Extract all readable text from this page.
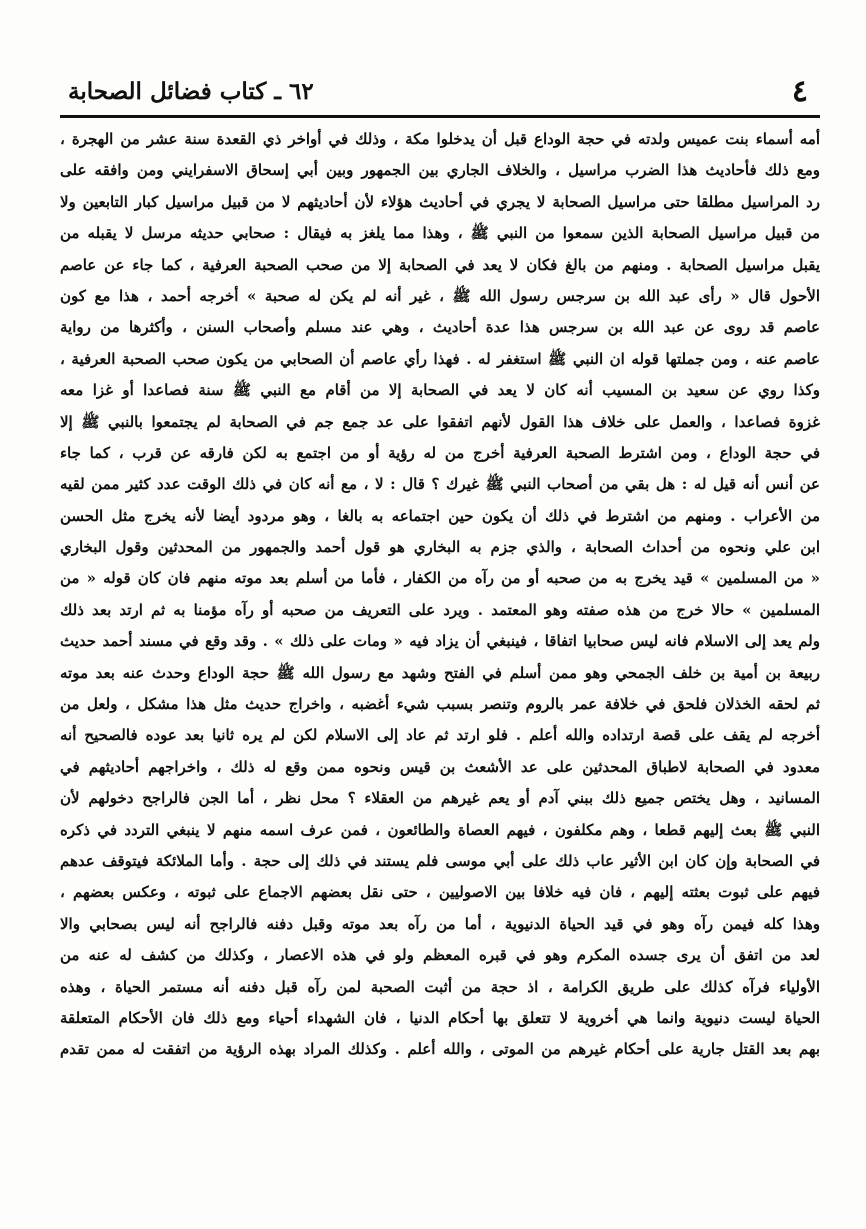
٤
٦٢ ـ كتاب فضائل الصحابة
أمه أسماء بنت عميس ولدته في حجة الوداع قبل أن يدخلوا مكة ، وذلك في أواخر ذي القعدة سنة عشر من الهجرة ،
ومع ذلك فأحاديث هذا الضرب مراسيل ، والخلاف الجاري بين الجمهور وبين أبي إسحاق الاسفرايني ومن وافقه على
رد المراسيل مطلقا حتى مراسيل الصحابة لا يجري في أحاديث هؤلاء لأن أحاديثهم لا من قبيل مراسيل كبار التابعين ولا
من قبيل مراسيل الصحابة الذين سمعوا من النبي ﷺ ، وهذا مما يلغز به فيقال : صحابي حديثه مرسل لا يقبله من
يقبل مراسيل الصحابة . ومنهم من بالغ فكان لا يعد في الصحابة إلا من صحب الصحبة العرفية ، كما جاء عن عاصم
الأحول قال « رأى عبد الله بن سرجس رسول الله ﷺ ، غير أنه لم يكن له صحبة » أخرجه أحمد ، هذا مع كون
عاصم قد روى عن عبد الله بن سرجس هذا عدة أحاديث ، وهي عند مسلم وأصحاب السنن ، وأكثرها من رواية
عاصم عنه ، ومن جملتها قوله ان النبي ﷺ استغفر له . فهذا رأي عاصم أن الصحابي من يكون صحب الصحبة العرفية ،
وكذا روي عن سعيد بن المسيب أنه كان لا يعد في الصحابة إلا من أقام مع النبي ﷺ سنة فصاعدا أو غزا معه
غزوة فصاعدا ، والعمل على خلاف هذا القول لأنهم اتفقوا على عد جمع جم في الصحابة لم يجتمعوا بالنبي ﷺ إلا
في حجة الوداع ، ومن اشترط الصحبة العرفية أخرج من له رؤية أو من اجتمع به لكن فارقه عن قرب ، كما جاء
عن أنس أنه قيل له : هل بقي من أصحاب النبي ﷺ غيرك ؟ قال : لا ، مع أنه كان في ذلك الوقت عدد كثير ممن لقيه
من الأعراب . ومنهم من اشترط في ذلك أن يكون حين اجتماعه به بالغا ، وهو مردود أيضا لأنه يخرج مثل الحسن
ابن علي ونحوه من أحداث الصحابة ، والذي جزم به البخاري هو قول أحمد والجمهور من المحدثين وقول البخاري
« من المسلمين » قيد يخرج به من صحبه أو من رآه من الكفار ، فأما من أسلم بعد موته منهم فان كان قوله « من
المسلمين » حالا خرج من هذه صفته وهو المعتمد . ويرد على التعريف من صحبه أو رآه مؤمنا به ثم ارتد بعد ذلك
ولم يعد إلى الاسلام فانه ليس صحابيا اتفاقا ، فينبغي أن يزاد فيه « ومات على ذلك » . وقد وقع في مسند أحمد حديث
ربيعة بن أمية بن خلف الجمحي وهو ممن أسلم في الفتح وشهد مع رسول الله ﷺ حجة الوداع وحدث عنه بعد موته
ثم لحقه الخذلان فلحق في خلافة عمر بالروم وتنصر بسبب شيء أغضبه ، واخراج حديث مثل هذا مشكل ، ولعل من
أخرجه لم يقف على قصة ارتداده والله أعلم . فلو ارتد ثم عاد إلى الاسلام لكن لم يره ثانيا بعد عوده فالصحيح أنه
معدود في الصحابة لاطباق المحدثين على عد الأشعث بن قيس ونحوه ممن وقع له ذلك ، واخراجهم أحاديثهم في
المسانيد ، وهل يختص جميع ذلك ببني آدم أو يعم غيرهم من العقلاء ؟ محل نظر ، أما الجن فالراجح دخولهم لأن
النبي ﷺ بعث إليهم قطعا ، وهم مكلفون ، فيهم العصاة والطائعون ، فمن عرف اسمه منهم لا ينبغي التردد في ذكره
في الصحابة وإن كان ابن الأثير عاب ذلك على أبي موسى فلم يستند في ذلك إلى حجة . وأما الملائكة فيتوقف عدهم
فيهم على ثبوت بعثته إليهم ، فان فيه خلافا بين الاصوليين ، حتى نقل بعضهم الاجماع على ثبوته ، وعكس بعضهم ،
وهذا كله فيمن رآه وهو في قيد الحياة الدنيوية ، أما من رآه بعد موته وقبل دفنه فالراجح أنه ليس بصحابي والا
لعد من اتفق أن يرى جسده المكرم وهو في قبره المعظم ولو في هذه الاعصار ، وكذلك من كشف له عنه من
الأولياء فرآه كذلك على طريق الكرامة ، اذ حجة من أثبت الصحبة لمن رآه قبل دفنه أنه مستمر الحياة ، وهذه
الحياة ليست دنيوية وانما هي أخروية لا تتعلق بها أحكام الدنيا ، فان الشهداء أحياء ومع ذلك فان الأحكام المتعلقة
بهم بعد القتل جارية على أحكام غيرهم من الموتى ، والله أعلم . وكذلك المراد بهذه الرؤية من اتفقت له ممن تقدم
